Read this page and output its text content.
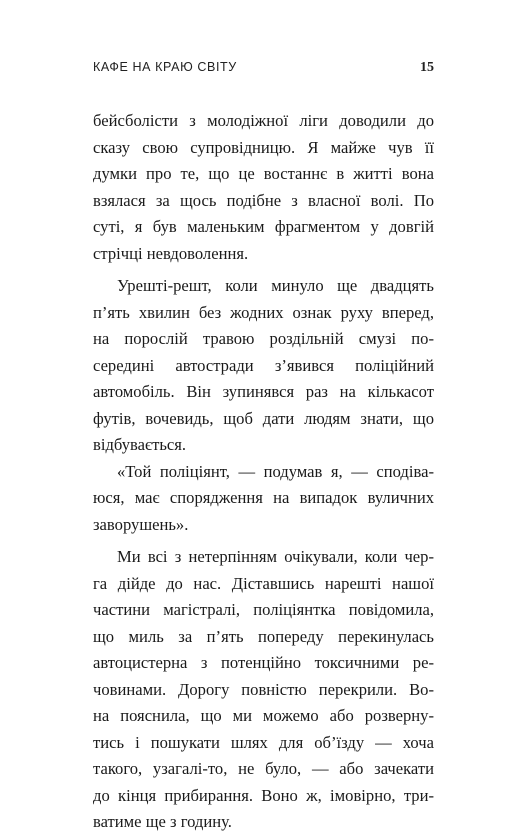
КАФЕ НА КРАЮ СВІТУ	15

бейсболісти з молодіжної ліги доводили до
сказу свою супровідницю. Я майже чув її
думки про те, що це востаннє в житті вона
взялася за щось подібне з власної волі. По
суті, я був маленьким фрагментом у довгій
стрічці невдоволення.

Урешті-решт, коли минуло ще двадцять
п’ять хвилин без жодних ознак руху вперед,
на порослій травою роздільній смузі по-
середині автостради з’явився поліційний
автомобіль. Він зупинявся раз на кількасот
футів, вочевидь, щоб дати людям знати, що
відбувається.

«Той поліціянт, — подумав я, — сподіва-
юся, має спорядження на випадок вуличних
заворушень».

Ми всі з нетерпінням очікували, коли чер-
га дійде до нас. Діставшись нарешті нашої
частини магістралі, поліціянтка повідомила,
що миль за п’ять попереду перекинулась
автоцистерна з потенційно токсичними ре-
човинами. Дорогу повністю перекрили. Во-
на пояснила, що ми можемо або розверну-
тись і пошукати шлях для об’їзду — хоча
такого, узагалі-то, не було, — або зачекати
до кінця прибирання. Воно ж, імовірно, три-
ватиме ще з годину.
